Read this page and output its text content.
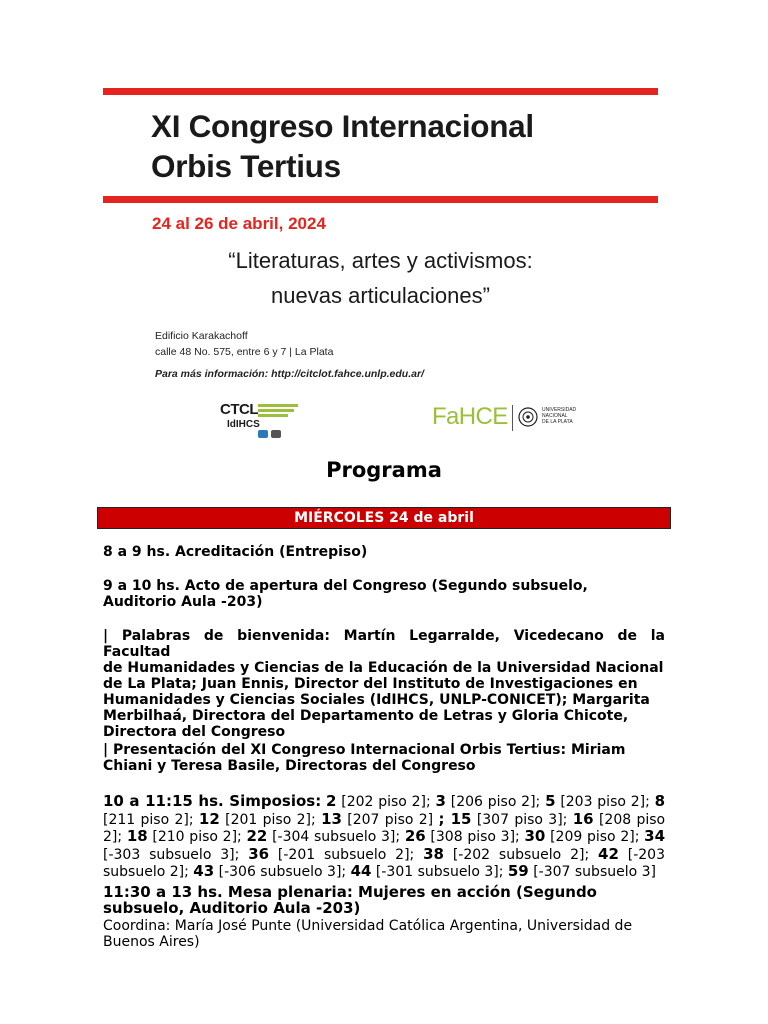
XI Congreso Internacional
Orbis Tertius
24 al 26 de abril, 2024
“Literaturas, artes y activismos:
nuevas articulaciones”
Edificio Karakachoff
calle 48 No. 575, entre 6 y 7 | La Plata
Para más información: http://citclot.fahce.unlp.edu.ar/
CTCL
IdIHCS	FaHCE	UNIVERSIDAD
NACIONAL
DE LA PLATA
Programa
MIÉRCOLES 24 de abril
8 a 9 hs. Acreditación (Entrepiso)
9 a 10 hs. Acto de apertura del Congreso (Segundo subsuelo,
Auditorio Aula -203)
| Palabras de bienvenida: Martín Legarralde, Vicedecano de la Facultad
de Humanidades y Ciencias de la Educación de la Universidad Nacional
de La Plata; Juan Ennis, Director del Instituto de Investigaciones en
Humanidades y Ciencias Sociales (IdIHCS, UNLP-CONICET); Margarita
Merbilhaá, Directora del Departamento de Letras y Gloria Chicote,
Directora del Congreso
| Presentación del XI Congreso Internacional Orbis Tertius: Miriam
Chiani y Teresa Basile, Directoras del Congreso
10 a 11:15 hs. Simposios: 2 [202 piso 2]; 3 [206 piso 2]; 5 [203 piso 2]; 8 [211 piso 2]; 12 [201 piso 2]; 13 [207 piso 2] ; 15 [307 piso 3]; 16 [208 piso 2]; 18 [210 piso 2]; 22 [-304 subsuelo 3]; 26 [308 piso 3]; 30 [209 piso 2]; 34 [-303 subsuelo 3]; 36 [-201 subsuelo 2]; 38 [-202 subsuelo 2]; 42 [-203 subsuelo 2]; 43 [-306 subsuelo 3]; 44 [-301 subsuelo 3]; 59 [-307 subsuelo 3]
11:30 a 13 hs. Mesa plenaria: Mujeres en acción (Segundo
subsuelo, Auditorio Aula -203)
Coordina: María José Punte (Universidad Católica Argentina, Universidad de
Buenos Aires)
